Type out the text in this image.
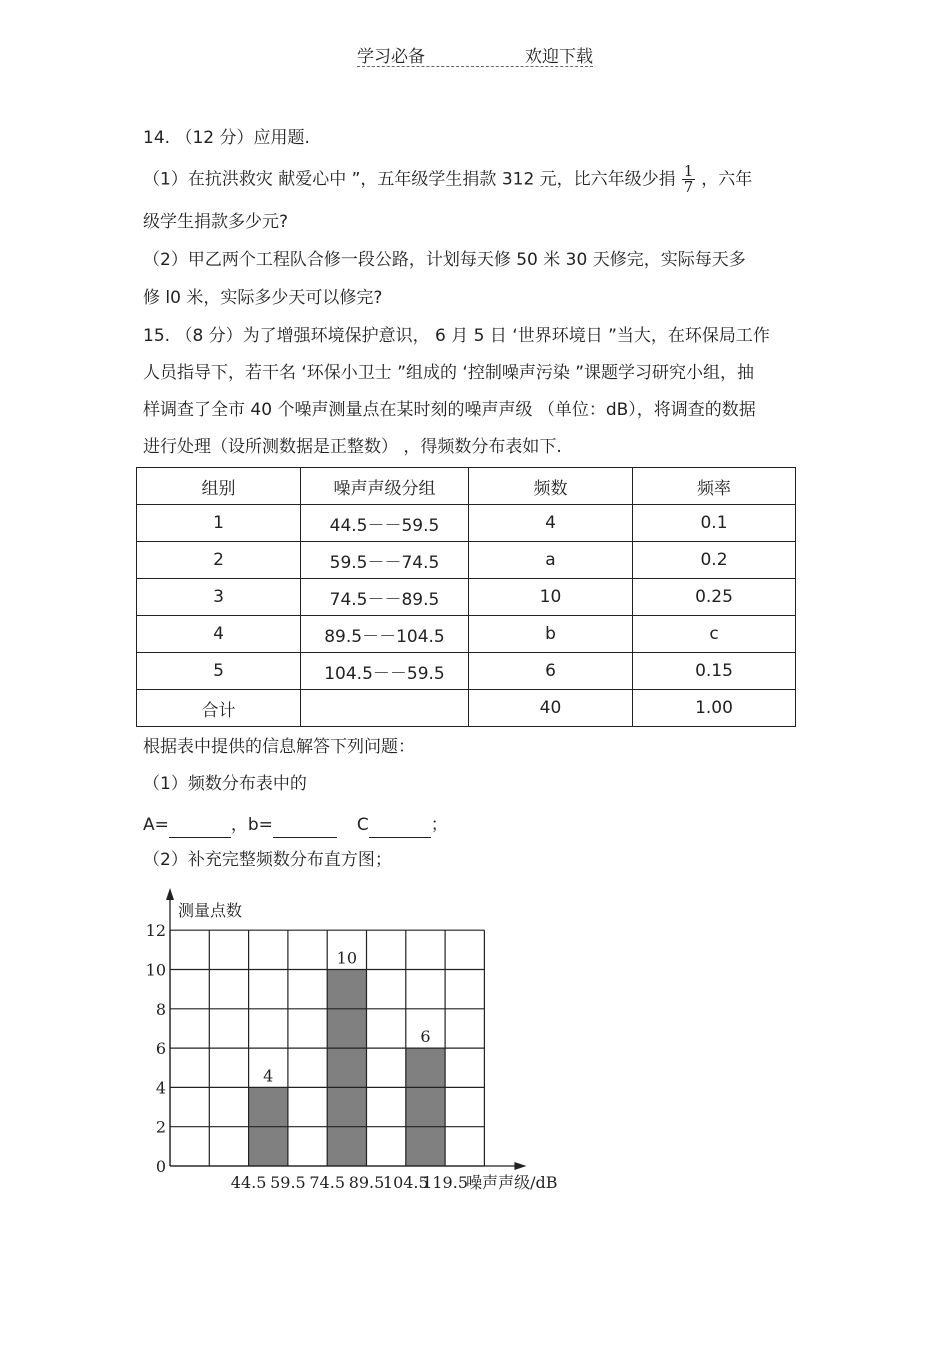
学习必备	欢迎下载
14. （12 分）应用题.
（1）在抗洪救灾 献爱心中 ”，五年级学生捐款 312 元，比六年级少捐 $\frac{1}{7}$ ，六年
级学生捐款多少元?
（2）甲乙两个工程队合修一段公路，计划每天修 50 米 30 天修完，实际每天多
修 l0 米，实际多少天可以修完?
15. （8 分）为了增强环境保护意识， 6 月 5 日 ‘世界环境日 ”当大，在环保局工作
人员指导下，若干名 ‘环保小卫士 ”组成的 ‘控制噪声污染 ”课题学习研究小组，抽
样调查了全市 40 个噪声测量点在某时刻的噪声声级 （单位：dB），将调查的数据
进行处理（设所测数据是正整数） ，得频数分布表如下.
组别	噪声声级分组	频数	频率
1	44.5－－59.5	4	0.1
2	59.5－－74.5	a	0.2
3	74.5－－89.5	10	0.25
4	89.5－－104.5	b	c
5	104.5－－59.5	6	0.15
合计		40	1.00
根据表中提供的信息解答下列问题：
（1）频数分布表中的
A=	，b=	C	；
（2）补充完整频数分布直方图；
4
10
6
0
2
4
6
8
10
12
测量点数
44.5 59.5 74.5 89.5
104.5
119.5
噪声声级/dB
